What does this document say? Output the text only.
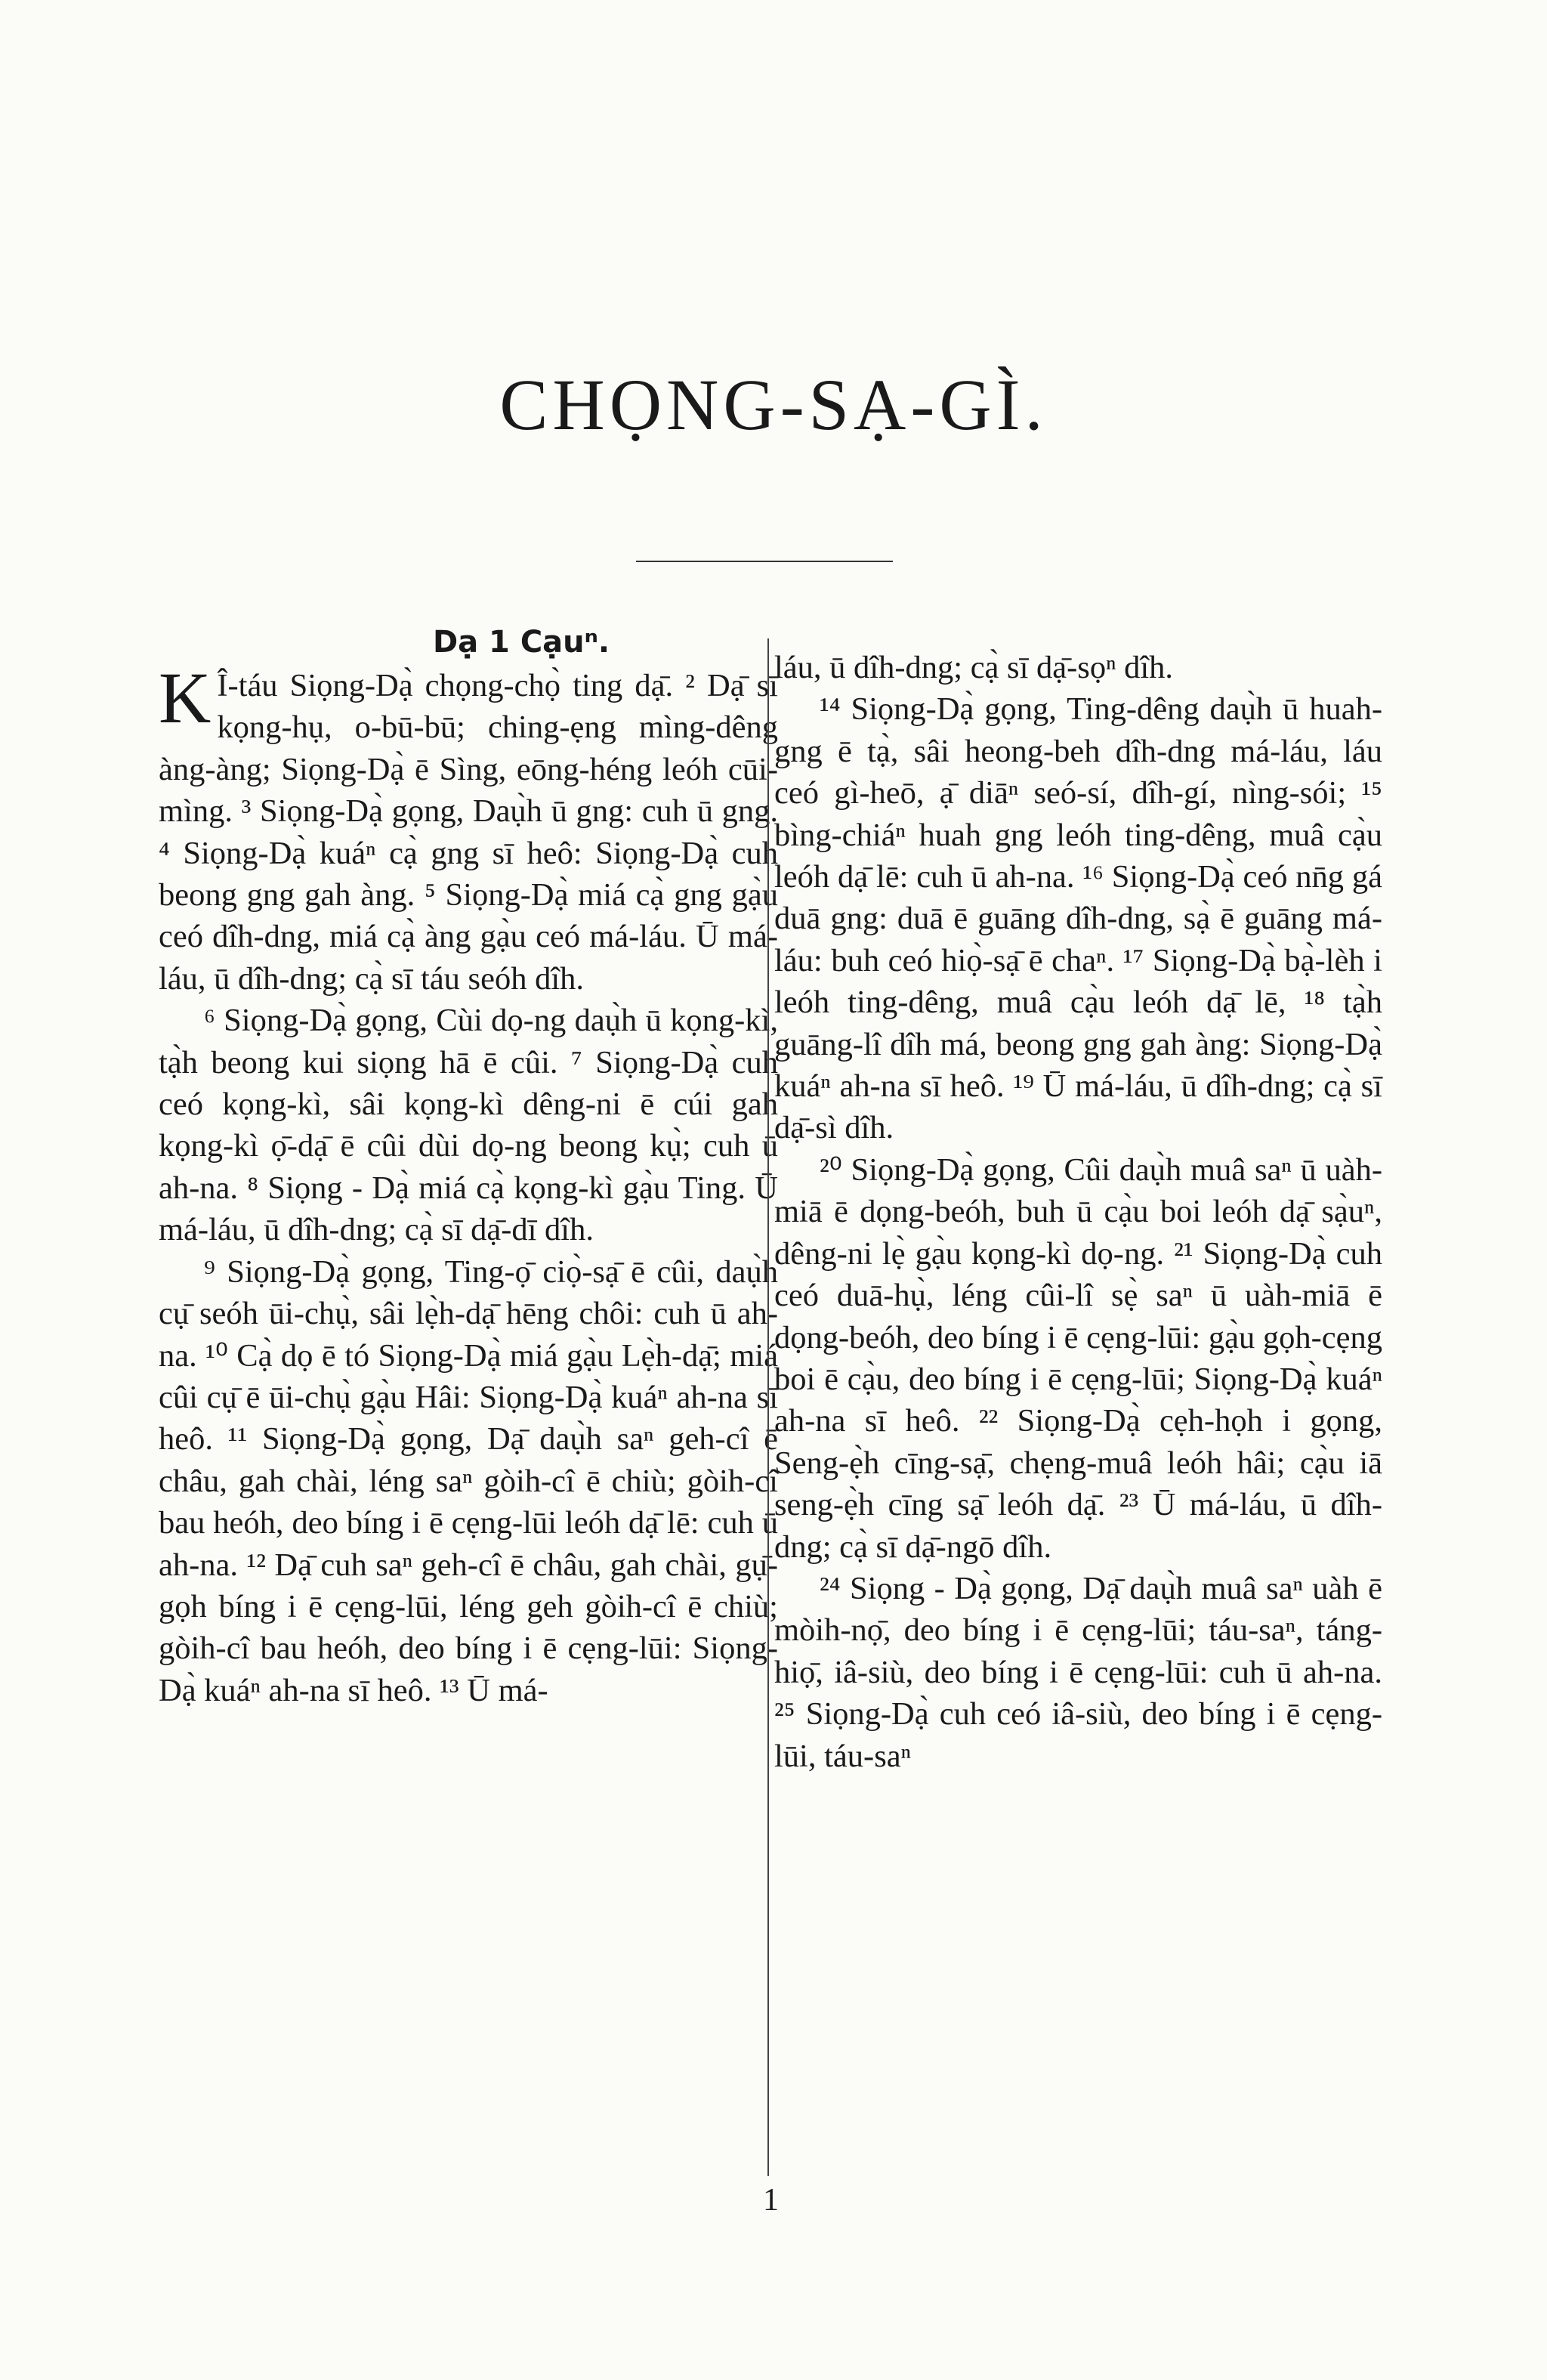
CHỌNG-SẠ-GÌ.
Dạ 1 Cạuⁿ.

K Î-táu Siọng-Dạ̀ chọng-chọ̀ ting dạ̄. ² Dạ̄ sī kọng-hụ, o-bū-bū; ching-ẹng mìng-dêng àng-àng; Siọng-Dạ̀ ē Sìng, eōng-héng leóh cūi-mìng. ³ Siọng-Dạ̀ gọng, Daụ̀h ū gng: cuh ū gng. ⁴ Siọng-Dạ̀ kuáⁿ cạ̀ gng sī heô: Siọng-Dạ̀ cuh beong gng gah àng. ⁵ Siọng-Dạ̀ miá cạ̀ gng gạ̀u ceó dîh-dng, miá cạ̀ àng gạ̀u ceó má-láu. Ū má-láu, ū dîh-dng; cạ̀ sī táu seóh dîh.

⁶ Siọng-Dạ̀ gọng, Cùi dọ-ng daụ̀h ū kọng-kì, tạ̀h beong kui siọng hā ē cûi. ⁷ Siọng-Dạ̀ cuh ceó kọng-kì, sâi kọng-kì dêng-ni ē cúi gah kọng-kì ọ̄-dạ̄ ē cûi dùi dọ-ng beong kụ̀; cuh ū ah-na. ⁸ Siọng - Dạ̀ miá cạ̀ kọng-kì gạ̀u Ting. Ū má-láu, ū dîh-dng; cạ̀ sī dạ̄-dī dîh.

⁹ Siọng-Dạ̀ gọng, Ting-ọ̄ ciọ̀-sạ̄ ē cûi, daụ̀h cụ̄ seóh ūi-chụ̀, sâi lẹ̀h-dạ̄ hēng chôi: cuh ū ah-na. ¹⁰ Cạ̀ dọ ē tó Siọng-Dạ̀ miá gạ̀u Lẹ̀h-dạ̄; miá cûi cụ̄ ē ūi-chụ̀ gạ̀u Hâi: Siọng-Dạ̀ kuáⁿ ah-na sī heô. ¹¹ Siọng-Dạ̀ gọng, Dạ̄ daụ̀h saⁿ geh-cî ē châu, gah chài, léng saⁿ gòih-cî ē chiù; gòih-cî bau heóh, deo bíng i ē cẹng-lūi leóh dạ̄ lē: cuh ū ah-na. ¹² Dạ̄ cuh saⁿ geh-cî ē châu, gah chài, gụ̄-gọh bíng i ē cẹng-lūi, léng geh gòih-cî ē chiù; gòih-cî bau heóh, deo bíng i ē cẹng-lūi: Siọng-Dạ̀ kuáⁿ ah-na sī heô. ¹³ Ū má-

láu, ū dîh-dng; cạ̀ sī dạ̄-sọⁿ dîh.

¹⁴ Siọng-Dạ̀ gọng, Ting-dêng daụ̀h ū huah-gng ē tạ̀, sâi heong-beh dîh-dng má-láu, láu ceó gì-heō, ạ̄ diāⁿ seó-sí, dîh-gí, nìng-sói; ¹⁵ bìng-chiáⁿ huah gng leóh ting-dêng, muâ cạ̀u leóh dạ̄ lē: cuh ū ah-na. ¹⁶ Siọng-Dạ̀ ceó nn̄g gá duā gng: duā ē guāng dîh-dng, sạ̀ ē guāng má-láu: buh ceó hiọ̀-sạ̄ ē chaⁿ. ¹⁷ Siọng-Dạ̀ bạ̀-lèh i leóh ting-dêng, muâ cạ̀u leóh dạ̄ lē, ¹⁸ tạ̀h guāng-lî dîh má, beong gng gah àng: Siọng-Dạ̀ kuáⁿ ah-na sī heô. ¹⁹ Ū má-láu, ū dîh-dng; cạ̀ sī dạ̄-sì dîh.

²⁰ Siọng-Dạ̀ gọng, Cûi daụ̀h muâ saⁿ ū uàh-miā ē dọng-beóh, buh ū cạ̀u boi leóh dạ̄ sạ̀uⁿ, dêng-ni lẹ̀ gạ̀u kọng-kì dọ-ng. ²¹ Siọng-Dạ̀ cuh ceó duā-hụ̀, léng cûi-lî sẹ̀ saⁿ ū uàh-miā ē dọng-beóh, deo bíng i ē cẹng-lūi: gạ̀u gọh-cẹng boi ē cạ̀u, deo bíng i ē cẹng-lūi; Siọng-Dạ̀ kuáⁿ ah-na sī heô. ²² Siọng-Dạ̀ cẹh-họh i gọng, Seng-ẹ̀h cīng-sạ̄, chẹng-muâ leóh hâi; cạ̀u iā seng-ẹ̀h cīng sạ̄ leóh dạ̄. ²³ Ū má-láu, ū dîh-dng; cạ̀ sī dạ̄-ngō dîh.

²⁴ Siọng - Dạ̀ gọng, Dạ̄ daụ̀h muâ saⁿ uàh ē mòih-nọ̄, deo bíng i ē cẹng-lūi; táu-saⁿ, táng-hiọ̄, iâ-siù, deo bíng i ē cẹng-lūi: cuh ū ah-na. ²⁵ Siọng-Dạ̀ cuh ceó iâ-siù, deo bíng i ē cẹng-lūi, táu-saⁿ

1
